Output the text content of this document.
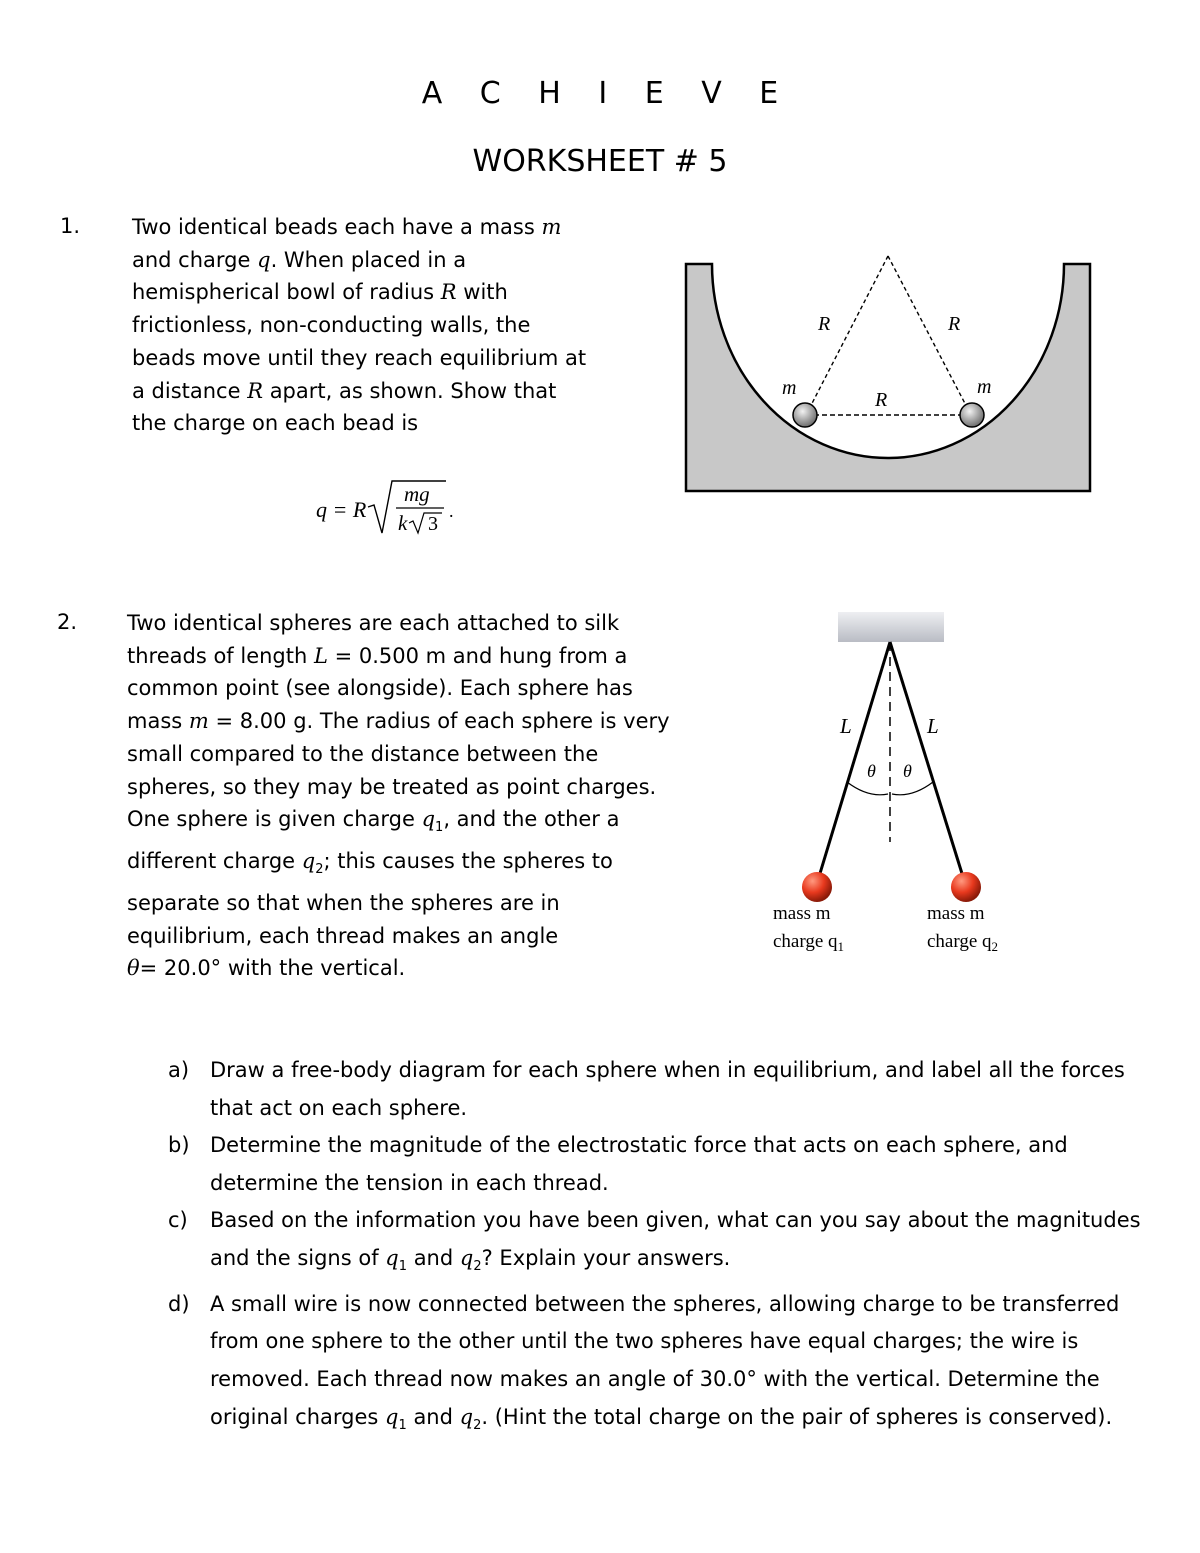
A C H I E V E
WORKSHEET # 5
1. Two identical beads each have a mass m
and charge q. When placed in a
hemispherical bowl of radius R with
frictionless, non-conducting walls, the
beads move until they reach equilibrium at
a distance R apart, as shown. Show that
the charge on each bead is
q = R
mg
k 3
.
R	R
R
m	m
2. Two identical spheres are each attached to silk
threads of length L = 0.500 m and hung from a
common point (see alongside). Each sphere has
mass m = 8.00 g. The radius of each sphere is very
small compared to the distance between the
spheres, so they may be treated as point charges.
One sphere is given charge $q_1$, and the other a
different charge $q_2$; this causes the spheres to
separate so that when the spheres are in
equilibrium, each thread makes an angle
θ= 20.0° with the vertical.
L	L
θ θ
mass m
charge $q_1$
mass m
charge $q_2$
a) Draw a free-body diagram for each sphere when in equilibrium, and label all the forces that act on each sphere.
b) Determine the magnitude of the electrostatic force that acts on each sphere, and determine the tension in each thread.
c)	Based on the information you have been given, what can you say about the magnitudes and the signs of $q_1$ and $q_2$? Explain your answers.
d) A small wire is now connected between the spheres, allowing charge to be transferred from one sphere to the other until the two spheres have equal charges; the wire is removed. Each thread now makes an angle of 30.0° with the vertical. Determine the original charges $q_1$ and $q_2$. (Hint the total charge on the pair of spheres is conserved).
